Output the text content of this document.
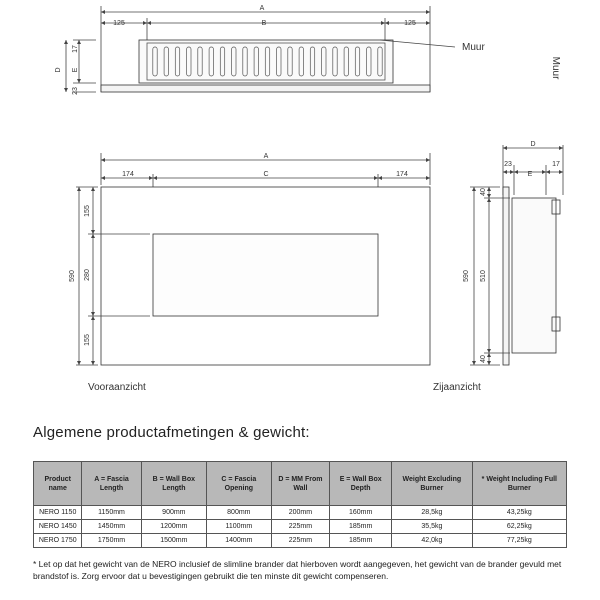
A
125	B	125
D
17
E
23
Muur
A
174	C	174
590
155
280
155
Vooraanzicht
Muur
D
23
E
17
590 510
40
40
Zijaanzicht
Algemene productafmetingen & gewicht:
Product name	A = Fascia Length	B = Wall Box Length	C = Fascia Opening	D = MM From Wall	E = Wall Box Depth	Weight Excluding Burner	* Weight Including Full Burner
NERO 1150	1150mm	900mm	800mm	200mm	160mm	28,5kg	43,25kg
NERO 1450	1450mm	1200mm	1100mm	225mm	185mm	35,5kg	62,25kg
NERO 1750	1750mm	1500mm	1400mm	225mm	185mm	42,0kg	77,25kg

* Let op dat het gewicht van de NERO inclusief de slimline brander dat hierboven wordt aangegeven, het gewicht van de brander gevuld met brandstof is. Zorg ervoor dat u bevestigingen gebruikt die ten minste dit gewicht compenseren.
